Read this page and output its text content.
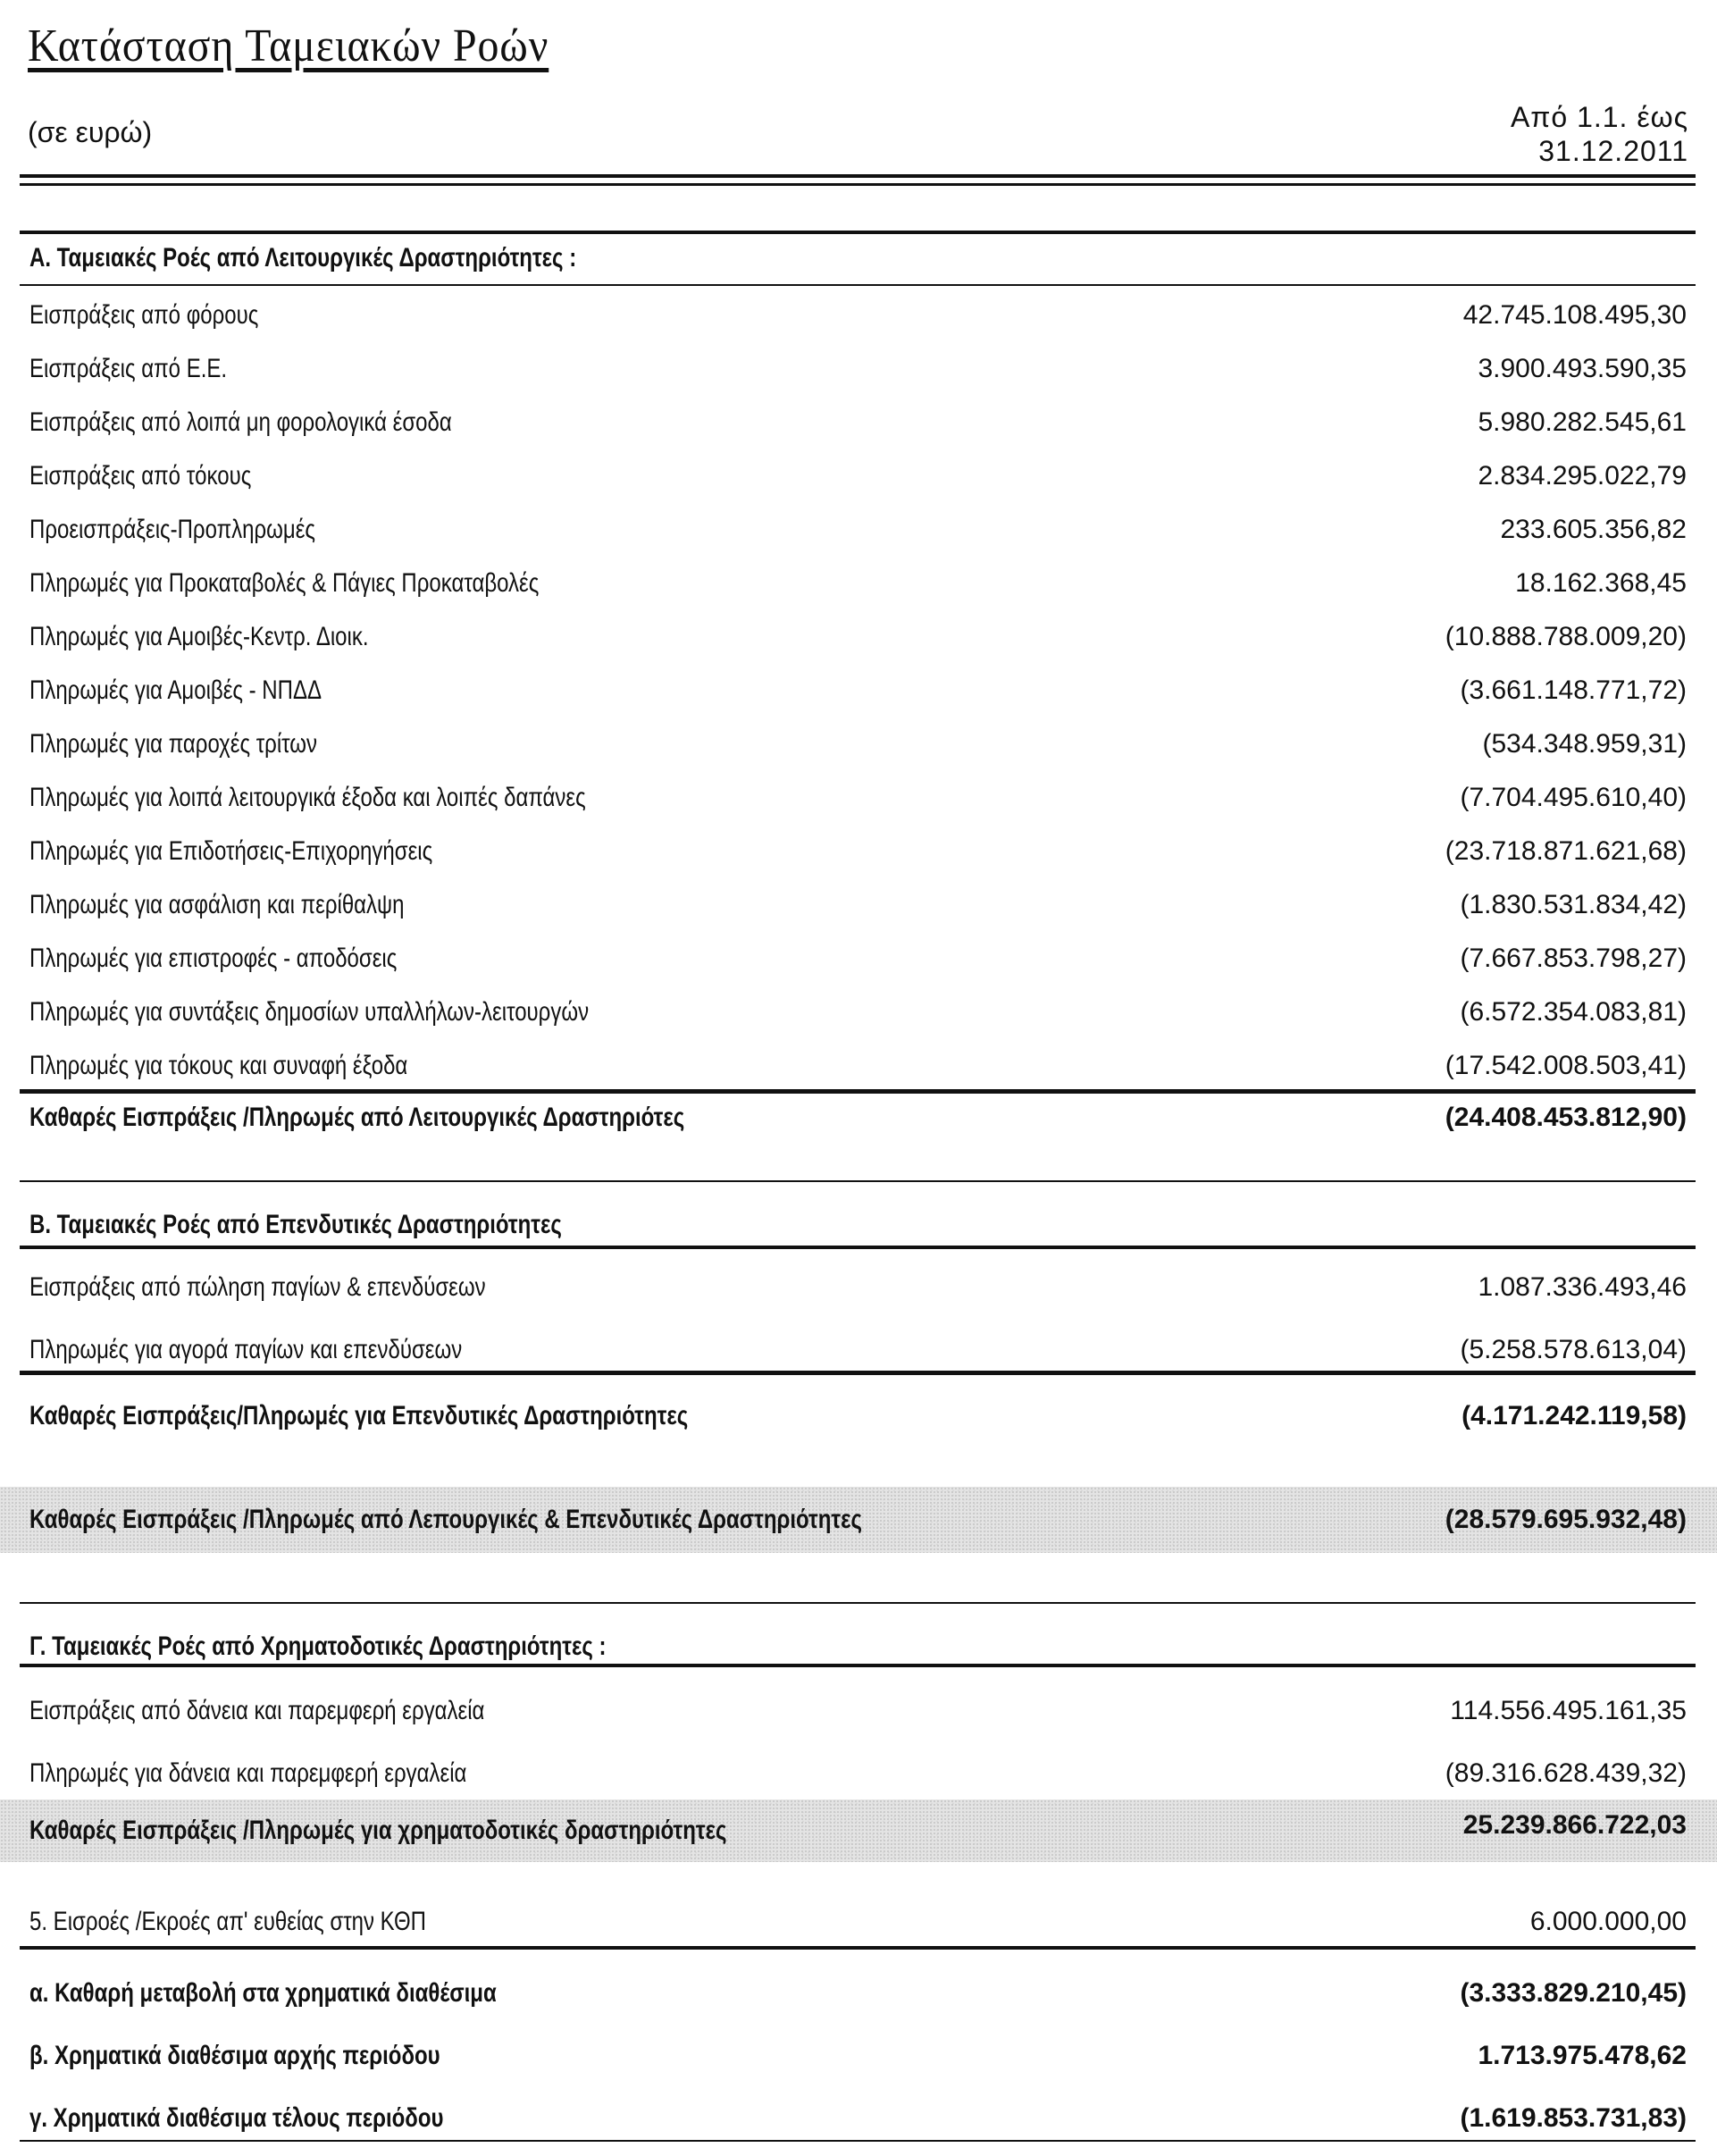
Κατάσταση Ταμειακών Ροών
(σε ευρώ)	Από 1.1. έως
31.12.2011
Α. Ταμειακές Ροές από Λειτουργικές Δραστηριότητες :
Εισπράξεις από φόρους	42.745.108.495,30
Εισπράξεις από Ε.Ε.	3.900.493.590,35
Εισπράξεις από λοιπά μη φορολογικά έσοδα	5.980.282.545,61
Εισπράξεις από τόκους	2.834.295.022,79
Προεισπράξεις-Προπληρωμές	233.605.356,82
Πληρωμές για Προκαταβολές & Πάγιες Προκαταβολές	18.162.368,45
Πληρωμές για Αμοιβές-Κεντρ. Διοικ.	(10.888.788.009,20)
Πληρωμές για Αμοιβές - ΝΠΔΔ	(3.661.148.771,72)
Πληρωμές για παροχές τρίτων	(534.348.959,31)
Πληρωμές για λοιπά λειτουργικά έξοδα και λοιπές δαπάνες	(7.704.495.610,40)
Πληρωμές για Επιδοτήσεις-Επιχορηγήσεις	(23.718.871.621,68)
Πληρωμές για ασφάλιση και περίθαλψη	(1.830.531.834,42)
Πληρωμές για επιστροφές - αποδόσεις	(7.667.853.798,27)
Πληρωμές για συντάξεις δημοσίων υπαλλήλων-λειτουργών	(6.572.354.083,81)
Πληρωμές για τόκους και συναφή έξοδα	(17.542.008.503,41)
Καθαρές Εισπράξεις /Πληρωμές από Λειτουργικές Δραστηριότες	(24.408.453.812,90)
Β. Ταμειακές Ροές από Επενδυτικές Δραστηριότητες
Εισπράξεις από πώληση παγίων & επενδύσεων	1.087.336.493,46
Πληρωμές για αγορά παγίων και επενδύσεων	(5.258.578.613,04)
Καθαρές Εισπράξεις/Πληρωμές για Επενδυτικές Δραστηριότητες	(4.171.242.119,58)
Καθαρές Εισπράξεις /Πληρωμές από Λεπουργικές & Επενδυτικές Δραστηριότητες	(28.579.695.932,48)
Γ. Ταμειακές Ροές από Χρηματοδοτικές Δραστηριότητες :
Εισπράξεις από δάνεια και παρεμφερή εργαλεία	114.556.495.161,35
Πληρωμές για δάνεια και παρεμφερή εργαλεία	(89.316.628.439,32)
Καθαρές Εισπράξεις /Πληρωμές για χρηματοδοτικές δραστηριότητες	25.239.866.722,03
5. Εισροές /Εκροές απ' ευθείας στην ΚΘΠ	6.000.000,00
α. Καθαρή μεταβολή στα χρηματικά διαθέσιμα	(3.333.829.210,45)
β. Χρηματικά διαθέσιμα αρχής περιόδου	1.713.975.478,62
γ. Χρηματικά διαθέσιμα τέλους περιόδου	(1.619.853.731,83)
